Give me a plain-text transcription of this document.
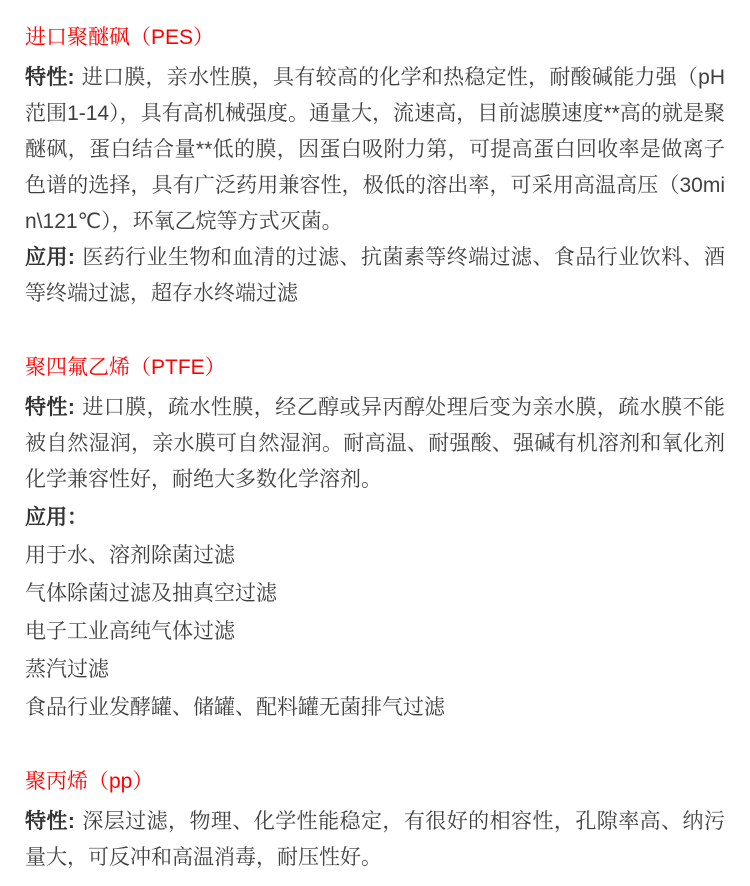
进口聚醚砜（PES）

特性: 进口膜，亲水性膜，具有较高的化学和热稳定性，耐酸碱能力强（pH范围1-14），具有高机械强度。通量大，流速高，目前滤膜速度**高的就是聚醚砜，蛋白结合量**低的膜，因蛋白吸附力第，可提高蛋白回收率是做离子色谱的选择，具有广泛药用兼容性，极低的溶出率，可采用高温高压（30min\121℃），环氧乙烷等方式灭菌。

应用: 医药行业生物和血清的过滤、抗菌素等终端过滤、食品行业饮料、酒等终端过滤，超存水终端过滤

聚四氟乙烯（PTFE）

特性: 进口膜，疏水性膜，经乙醇或异丙醇处理后变为亲水膜，疏水膜不能被自然湿润，亲水膜可自然湿润。耐高温、耐强酸、强碱有机溶剂和氧化剂化学兼容性好，耐绝大多数化学溶剂。

应用：

用于水、溶剂除菌过滤

气体除菌过滤及抽真空过滤

电子工业高纯气体过滤

蒸汽过滤

食品行业发酵罐、储罐、配料罐无菌排气过滤

聚丙烯（pp）

特性: 深层过滤，物理、化学性能稳定，有很好的相容性，孔隙率高、纳污量大，可反冲和高温消毒，耐压性好。
